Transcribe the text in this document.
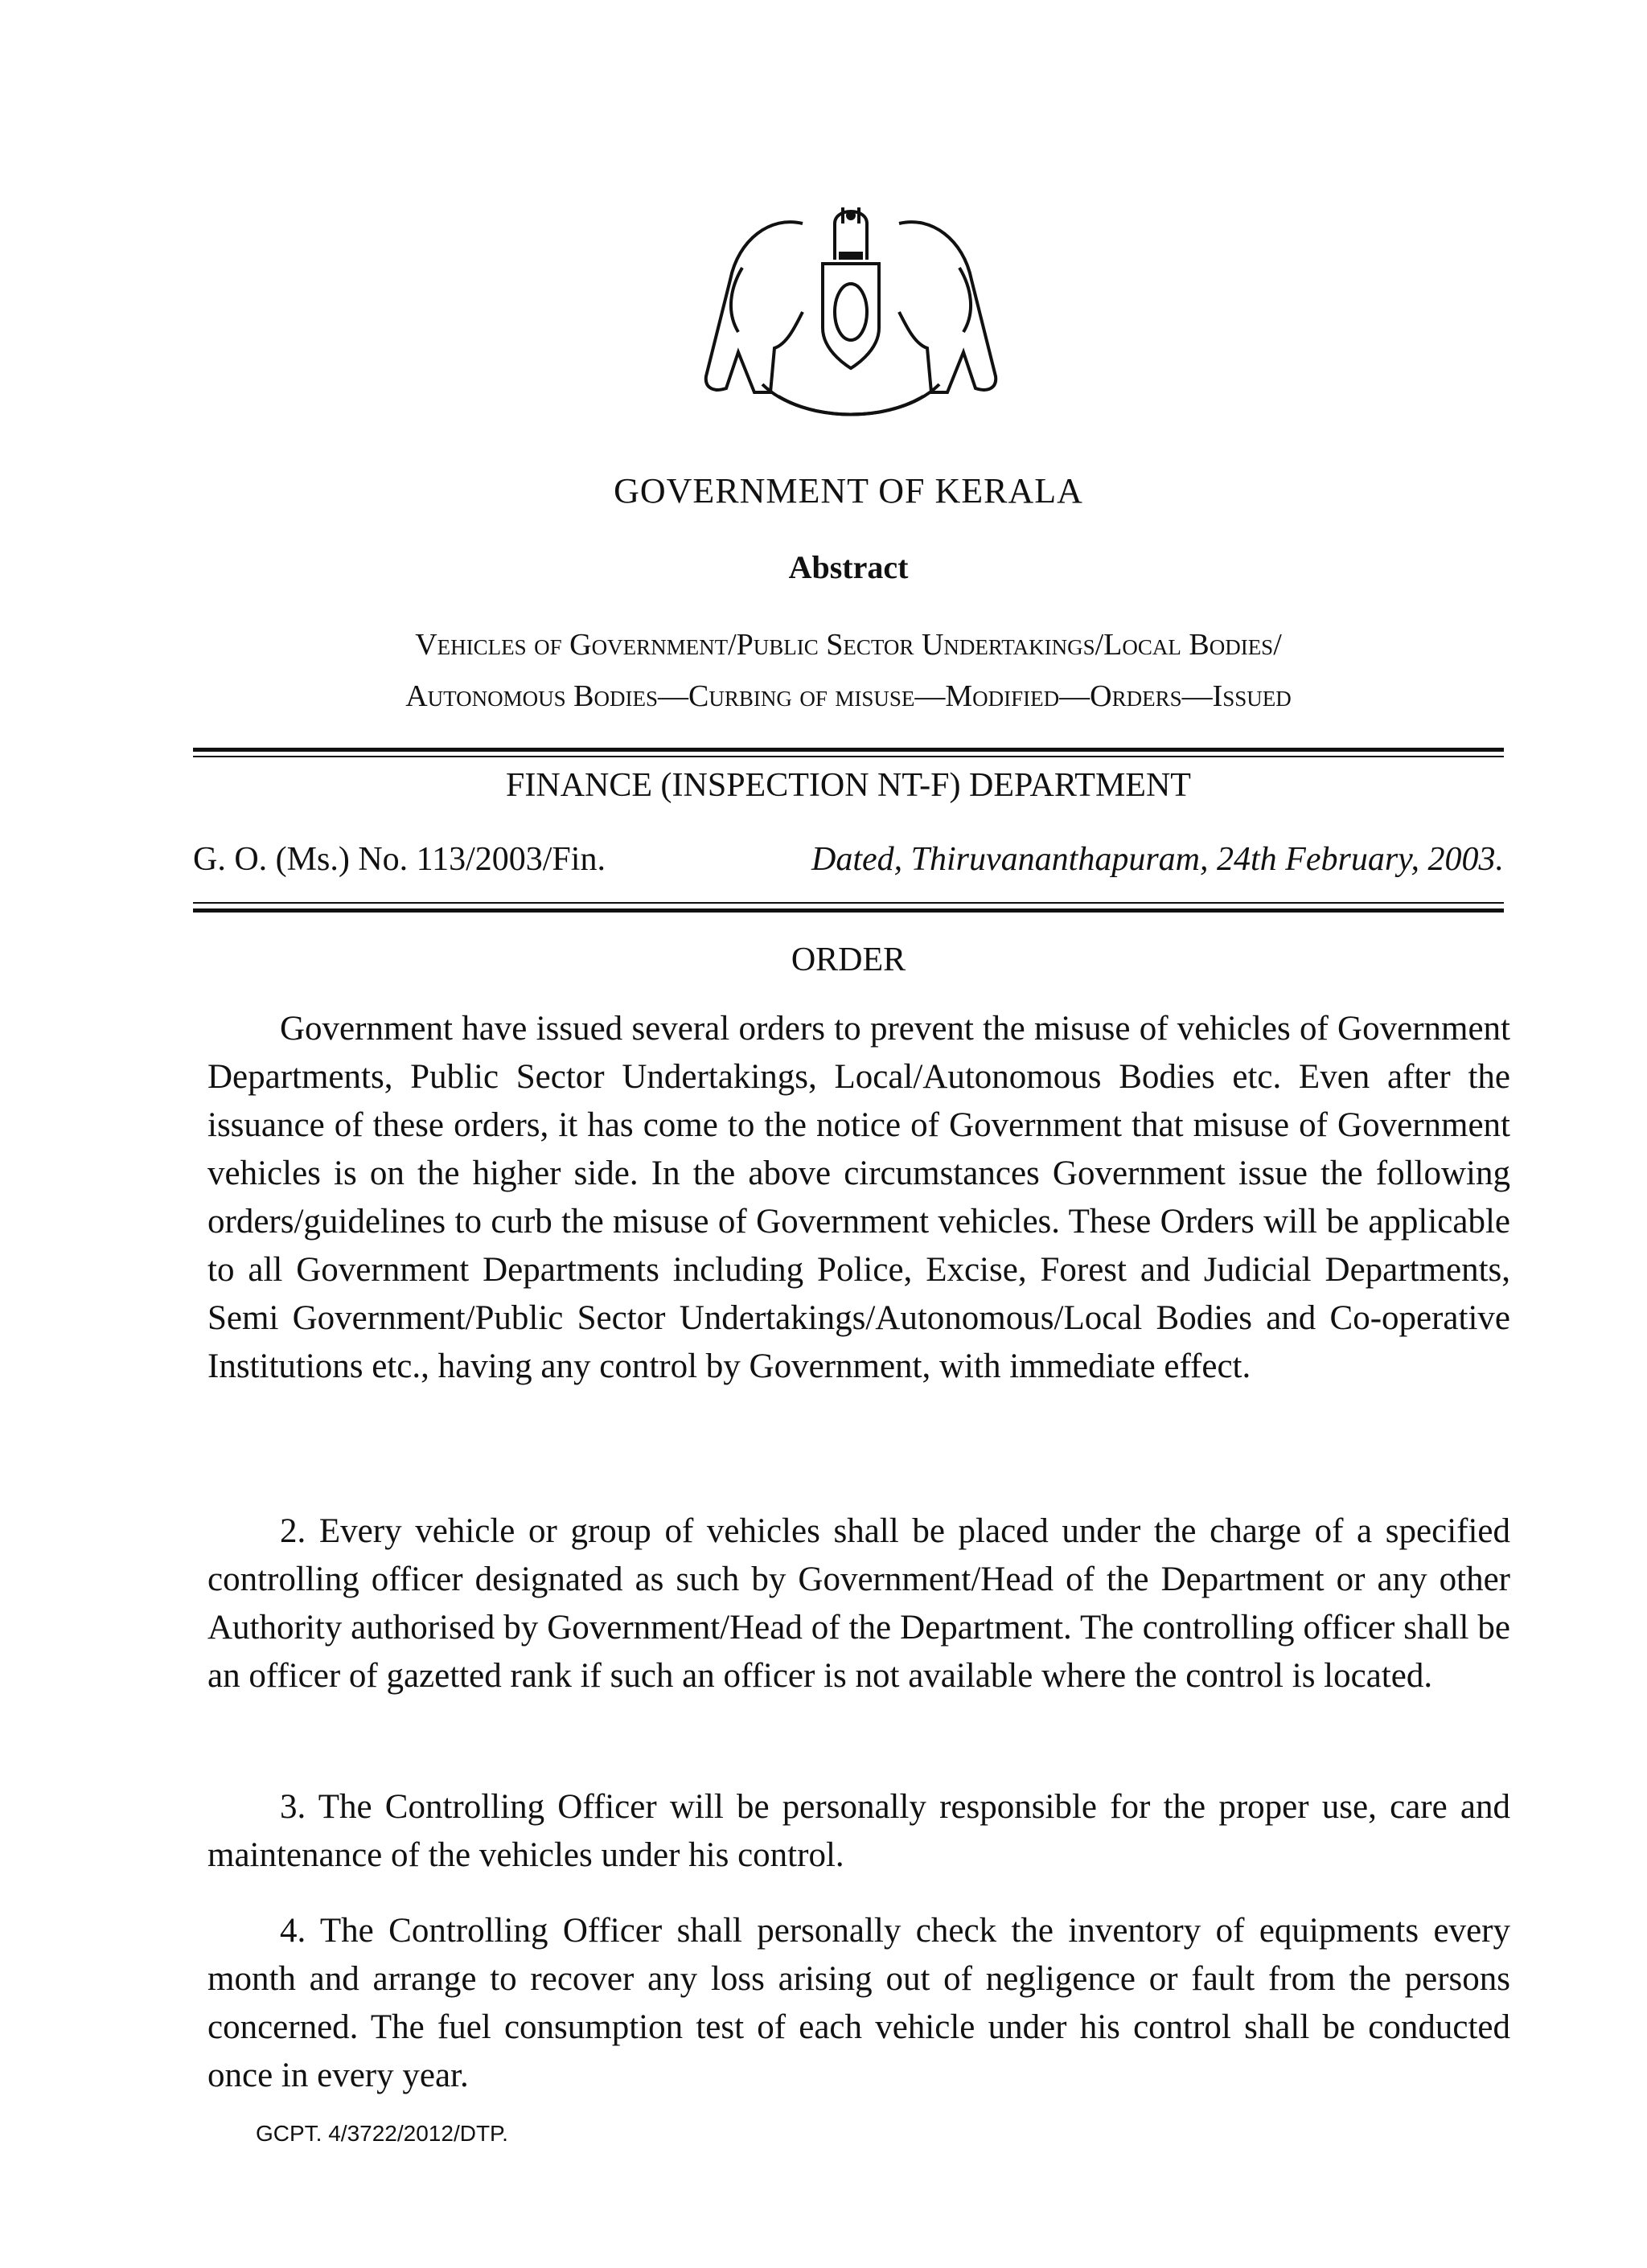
GOVERNMENT OF KERALA
Abstract
Vehicles of Government/Public Sector Undertakings/Local Bodies/
Autonomous Bodies—Curbing of misuse—Modified—Orders—Issued
FINANCE (INSPECTION NT-F) DEPARTMENT
G. O. (Ms.) No. 113/2003/Fin.	Dated, Thiruvananthapuram, 24th February, 2003.
ORDER

Government have issued several orders to prevent the misuse of vehicles of Government Departments, Public Sector Undertakings, Local/Autonomous Bodies etc. Even after the issuance of these orders, it has come to the notice of Government that misuse of Government vehicles is on the higher side. In the above circumstances Government issue the following orders/guidelines to curb the misuse of Government vehicles. These Orders will be applicable to all Government Departments including Police, Excise, Forest and Judicial Departments, Semi Government/Public Sector Undertakings/Autonomous/Local Bodies and Co-operative Institutions etc., having any control by Government, with immediate effect.

2. Every vehicle or group of vehicles shall be placed under the charge of a specified controlling officer designated as such by Government/Head of the Department or any other Authority authorised by Government/Head of the Department. The controlling officer shall be an officer of gazetted rank if such an officer is not available where the control is located.

3. The Controlling Officer will be personally responsible for the proper use, care and maintenance of the vehicles under his control.

4. The Controlling Officer shall personally check the inventory of equipments every month and arrange to recover any loss arising out of negligence or fault from the persons concerned. The fuel consumption test of each vehicle under his control shall be conducted once in every year.

GCPT. 4/3722/2012/DTP.
